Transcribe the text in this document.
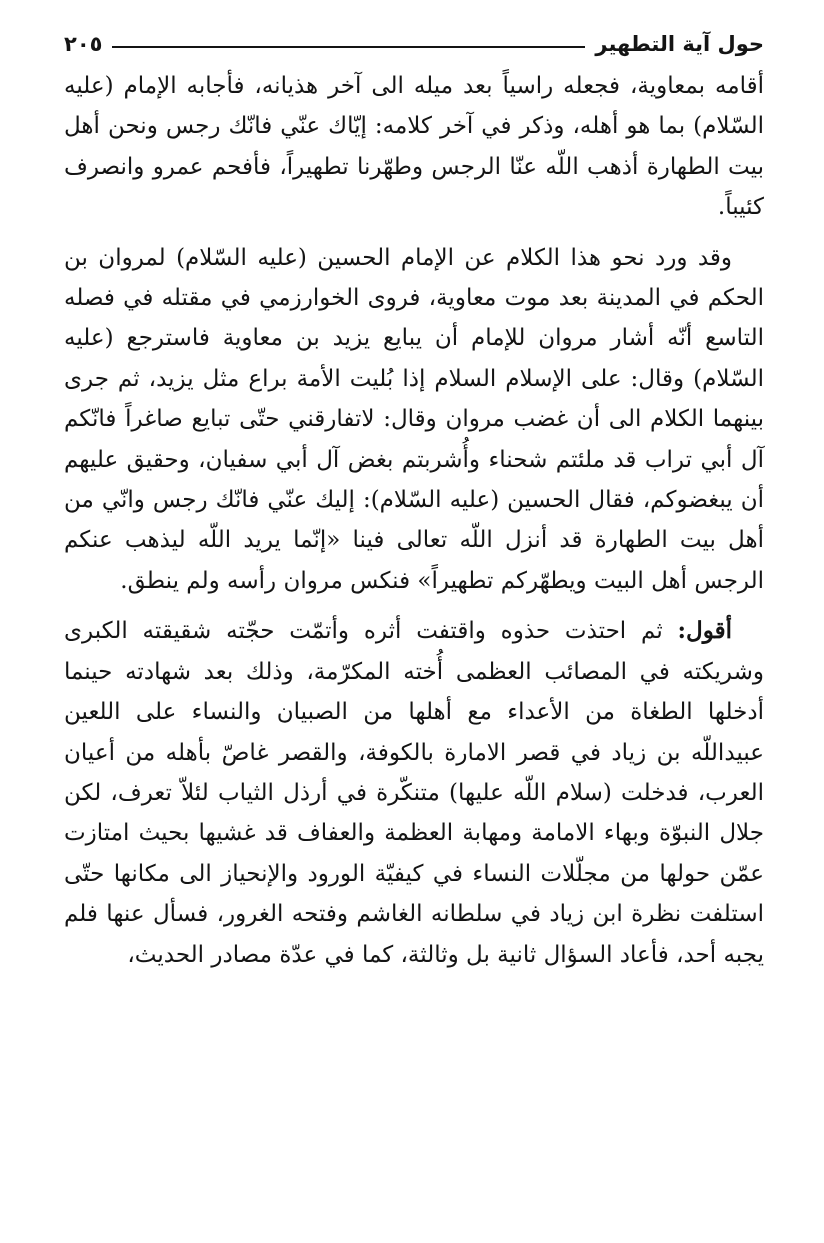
حول آية التطهير
٢٠٥

أقامه بمعاوية، فجعله راسياً بعد ميله الى آخر هذيانه، فأجابه الإمام (عليه السّلام) بما هو أهله، وذكر في آخر كلامه: إيّاك عنّي فانّك رجس ونحن أهل بيت الطهارة أذهب اللّه عنّا الرجس وطهّرنا تطهيراً، فأفحم عمرو وانصرف كئيباً.

وقد ورد نحو هذا الكلام عن الإمام الحسين (عليه السّلام) لمروان بن الحكم في المدينة بعد موت معاوية، فروى الخوارزمي في مقتله في فصله التاسع أنّه أشار مروان للإمام أن يبايع يزيد بن معاوية فاسترجع (عليه السّلام) وقال: على الإسلام السلام إذا بُليت الأمة براع مثل يزيد، ثم جرى بينهما الكلام الى أن غضب مروان وقال: لاتفارقني حتّى تبايع صاغراً فانّكم آل أبي تراب قد ملئتم شحناء وأُشربتم بغض آل أبي سفيان، وحقيق عليهم أن يبغضوكم، فقال الحسين (عليه السّلام): إليك عنّي فانّك رجس وانّي من أهل بيت الطهارة قد أنزل اللّه تعالى فينا «إنّما يريد اللّه ليذهب عنكم الرجس أهل البيت ويطهّركم تطهيراً» فنكس مروان رأسه ولم ينطق.

أقول: ثم احتذت حذوه واقتفت أثره وأتمّت حجّته شقيقته الكبرى وشريكته في المصائب العظمى أُخته المكرّمة، وذلك بعد شهادته حينما أدخلها الطغاة من الأعداء مع أهلها من الصبيان والنساء على اللعين عبيداللّه بن زياد في قصر الامارة بالكوفة، والقصر غاصّ بأهله من أعيان العرب، فدخلت (سلام اللّه عليها) متنكّرة في أرذل الثياب لئلاّ تعرف، لكن جلال النبوّة وبهاء الامامة ومهابة العظمة والعفاف قد غشيها بحيث امتازت عمّن حولها من مجلّلات النساء في كيفيّة الورود والإنحياز الى مكانها حتّى استلفت نظرة ابن زياد في سلطانه الغاشم وفتحه الغرور، فسأل عنها فلم يجبه أحد، فأعاد السؤال ثانية بل وثالثة، كما في عدّة مصادر الحديث،
